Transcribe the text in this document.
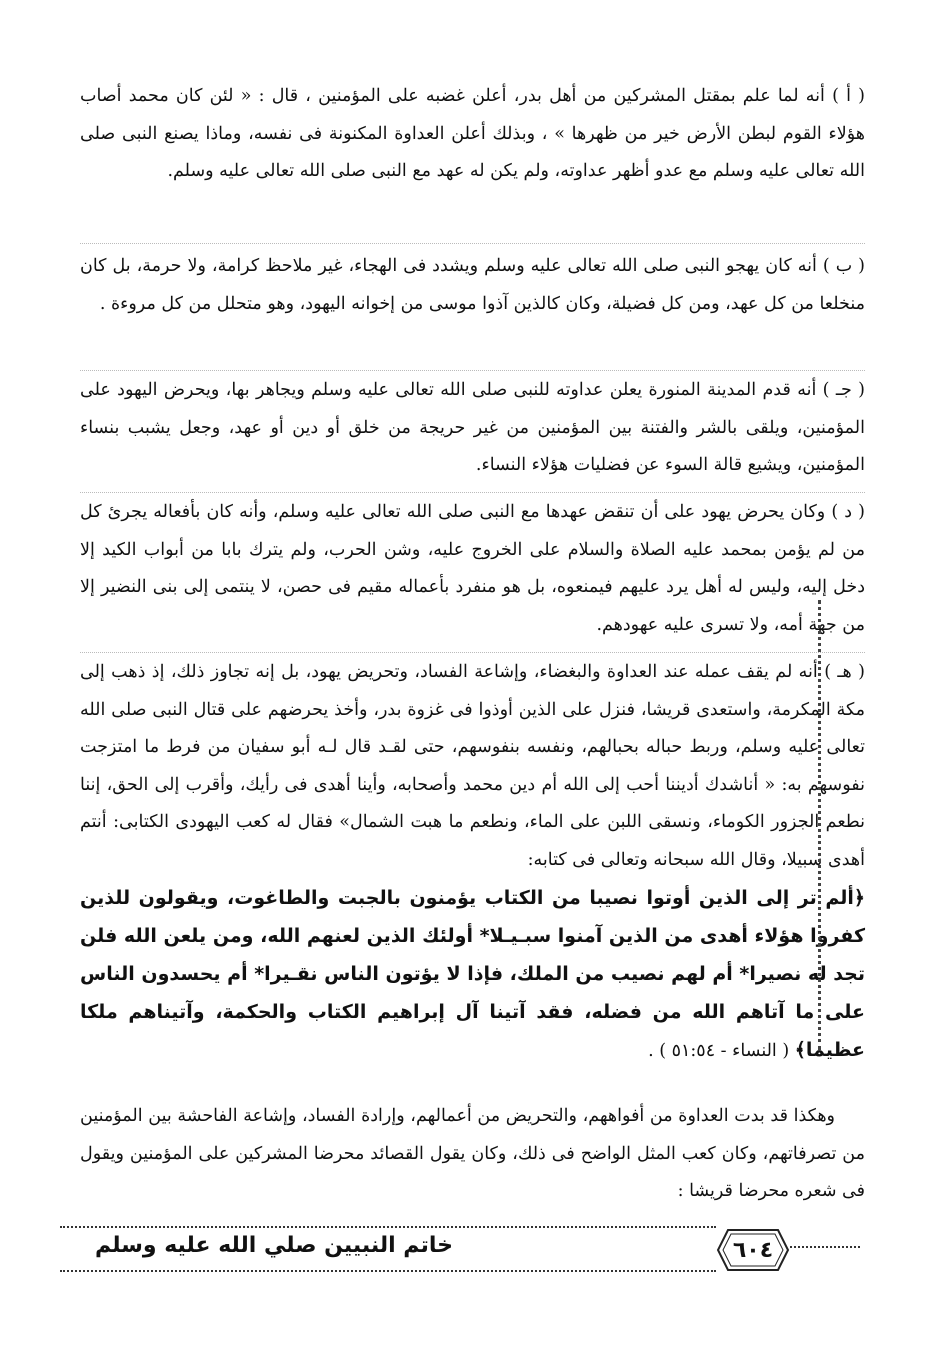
( أ ) أنه لما علم بمقتل المشركين من أهل بدر، أعلن غضبه على المؤمنين ، قال : « لئن كان محمد أصاب هؤلاء القوم لبطن الأرض خير من ظهرها » ، وبذلك أعلن العداوة المكنونة فى نفسه، وماذا يصنع النبى صلى الله تعالى عليه وسلم مع عدو أظهر عداوته، ولم يكن له عهد مع النبى صلى الله تعالى عليه وسلم.

( ب ) أنه كان يهجو النبى صلى الله تعالى عليه وسلم ويشدد فى الهجاء، غير ملاحظ كرامة، ولا حرمة، بل كان منخلعا من كل عهد، ومن كل فضيلة، وكان كالذين آذوا موسى من إخوانه اليهود، وهو متحلل من كل مروءة .

( جـ ) أنه قدم المدينة المنورة يعلن عداوته للنبى صلى الله تعالى عليه وسلم ويجاهر بها، ويحرض اليهود على المؤمنين، ويلقى بالشر والفتنة بين المؤمنين من غير حريجة من خلق أو دين أو عهد، وجعل يشبب بنساء المؤمنين، ويشيع قالة السوء عن فضليات هؤلاء النساء.

( د ) وكان يحرض يهود على أن تنقض عهدها مع النبى صلى الله تعالى عليه وسلم، وأنه كان بأفعاله يجرئ كل من لم يؤمن بمحمد عليه الصلاة والسلام على الخروج عليه، وشن الحرب، ولم يترك بابا من أبواب الكيد إلا دخل إليه، وليس له أهل يرد عليهم فيمنعوه، بل هو منفرد بأعماله مقيم فى حصن، لا ينتمى إلى بنى النضير إلا من جهة أمه، ولا تسرى عليه عهودهم.

( هـ ) أنه لم يقف عمله عند العداوة والبغضاء، وإشاعة الفساد، وتحريض يهود، بل إنه تجاوز ذلك، إذ ذهب إلى مكة المكرمة، واستعدى قريشا، فنزل على الذين أوذوا فى غزوة بدر، وأخذ يحرضهم على قتال النبى صلى الله تعالى عليه وسلم، وربط حباله بحبالهم، ونفسه بنفوسهم، حتى لقـد قال لـه أبو سفيان من فرط ما امتزجت نفوسهم به: « أناشدك أديننا أحب إلى الله أم دين محمد وأصحابه، وأينا أهدى فى رأيك، وأقرب إلى الحق، إننا نطعم الجزور الكوماء، ونسقى اللبن على الماء، ونطعم ما هبت الشمال» فقال له كعب اليهودى الكتابى: أنتم أهدى سبيلا، وقال الله سبحانه وتعالى فى كتابه:

﴿ألم تر إلى الذين أوتوا نصيبا من الكتاب يؤمنون بالجبت والطاغوت، ويقولون للذين كفروا هؤلاء أهدى من الذين آمنوا سبـيـلا* أولئك الذين لعنهم الله، ومن يلعن الله فلن تجد له نصيرا* أم لهم نصيب من الملك، فإذا لا يؤتون الناس نقـيرا* أم يحسدون الناس على ما آتاهم الله من فضله، فقد آتينا آل إبراهيم الكتاب والحكمة، وآتيناهم ملكا عظيما﴾ ( النساء - ٥١:٥٤ ) .

وهكذا قد بدت العداوة من أفواههم، والتحريض من أعمالهم، وإرادة الفساد، وإشاعة الفاحشة بين المؤمنين من تصرفاتهم، وكان كعب المثل الواضح فى ذلك، وكان يقول القصائد محرضا المشركين على المؤمنين ويقول فى شعره محرضا قريشا :

خاتم النبيين صلي الله عليه وسلم	٦٠٤
